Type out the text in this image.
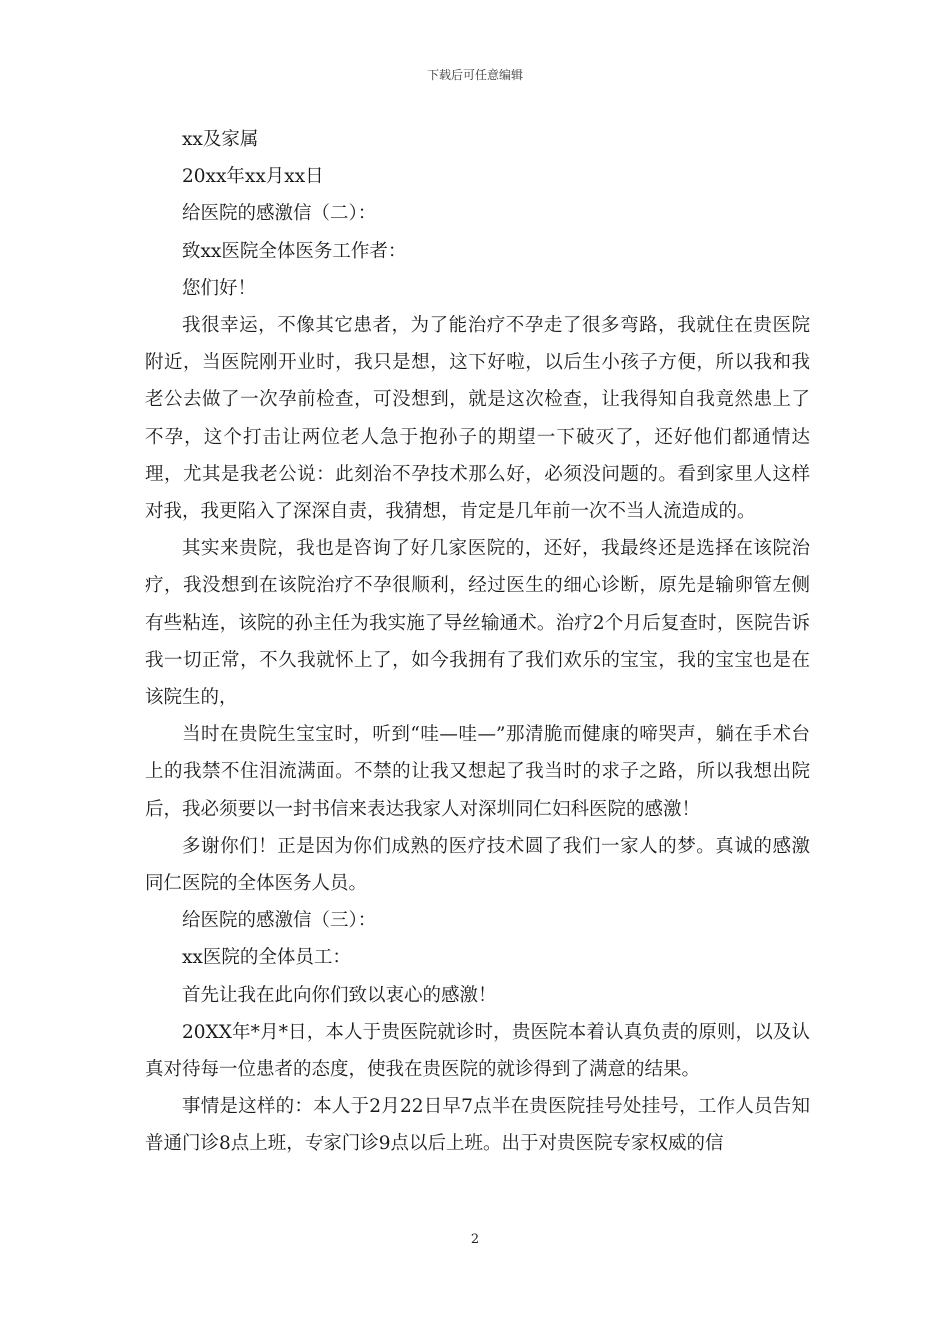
下载后可任意编辑

xx及家属

20xx年xx月xx日

给医院的感激信（二）：

致xx医院全体医务工作者：

您们好！

我很幸运，不像其它患者，为了能治疗不孕走了很多弯路，我就住在贵医院附近，当医院刚开业时，我只是想，这下好啦，以后生小孩子方便，所以我和我老公去做了一次孕前检查，可没想到，就是这次检查，让我得知自我竟然患上了不孕，这个打击让两位老人急于抱孙子的期望一下破灭了，还好他们都通情达理，尤其是我老公说：此刻治不孕技术那么好，必须没问题的。看到家里人这样对我，我更陷入了深深自责，我猜想，肯定是几年前一次不当人流造成的。

其实来贵院，我也是咨询了好几家医院的，还好，我最终还是选择在该院治疗，我没想到在该院治疗不孕很顺利，经过医生的细心诊断，原先是输卵管左侧有些粘连，该院的孙主任为我实施了导丝输通术。治疗2个月后复查时，医院告诉我一切正常，不久我就怀上了，如今我拥有了我们欢乐的宝宝，我的宝宝也是在该院生的，

当时在贵院生宝宝时，听到“哇—哇—”那清脆而健康的啼哭声，躺在手术台上的我禁不住泪流满面。不禁的让我又想起了我当时的求子之路，所以我想出院后，我必须要以一封书信来表达我家人对深圳同仁妇科医院的感激！

多谢你们！正是因为你们成熟的医疗技术圆了我们一家人的梦。真诚的感激同仁医院的全体医务人员。

给医院的感激信（三）：

xx医院的全体员工：

首先让我在此向你们致以衷心的感激！

20XX年*月*日，本人于贵医院就诊时，贵医院本着认真负责的原则，以及认真对待每一位患者的态度，使我在贵医院的就诊得到了满意的结果。

事情是这样的：本人于2月22日早7点半在贵医院挂号处挂号，工作人员告知普通门诊8点上班，专家门诊9点以后上班。出于对贵医院专家权威的信

2
